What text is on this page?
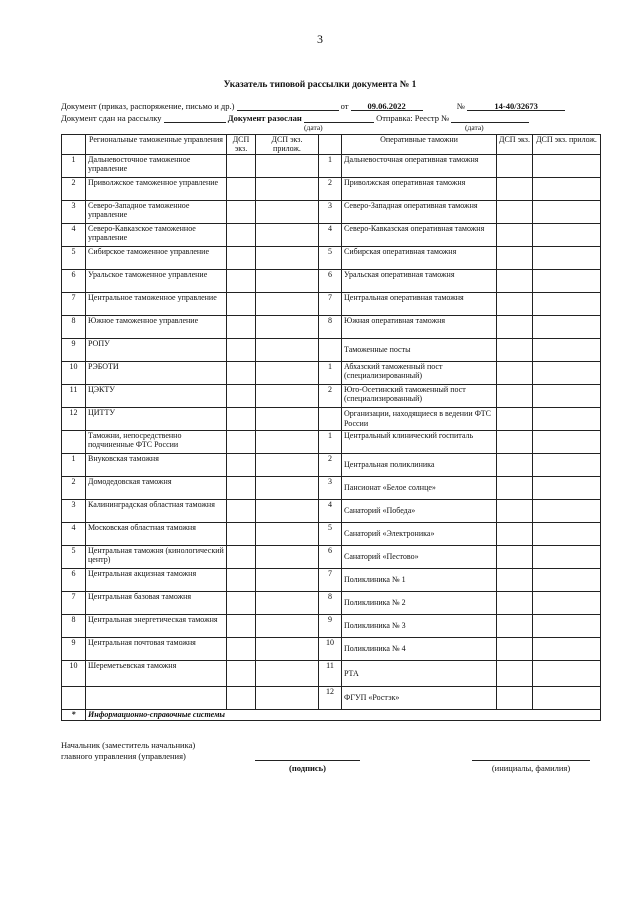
3
Указатель типовой рассылки документа № 1
Документ (приказ, распоряжение, письмо и др.)	от 09.06.2022	№	14-40/32673
Документ сдан на рассылку	Документ разослан	Отправка: Реестр №
(дата)	(дата)
	Региональные таможенные управления	ДСП экз.	ДСП экз. прилож.		Оперативные таможни	ДСП экз.	ДСП экз. прилож.
1	Дальневосточное таможенное управление			1	Дальневосточная оперативная таможня		
2	Приволжское таможенное управление			2	Приволжская оперативная таможня		
3	Северо-Западное таможенное управление			3	Северо-Западная оперативная таможня		
4	Северо-Кавказское таможенное управление			4	Северо-Кавказская оперативная таможня		
5	Сибирское таможенное управление			5	Сибирская оперативная таможня		
6	Уральское таможенное управление			6	Уральская оперативная таможня		
7	Центральное таможенное управление			7	Центральная оперативная таможня		
8	Южное таможенное управление			8	Южная оперативная таможня		
9	РОПУ				Таможенные посты		
10	РЭБОТИ			1	Абхазский таможенный пост (специализированный)		
11	ЦЭКТУ			2	Юго-Осетинский таможенный пост (специализированный)		
12	ЦИТТУ				Организации, находящиеся в ведении ФТС России		
	Таможни, непосредственно подчиненные ФТС России			1	Центральный клинический госпиталь		
1	Внуковская таможня			2	Центральная поликлиника		
2	Домодедовская таможня			3	Пансионат «Белое солнце»		
3	Калининградская областная таможня			4	Санаторий «Победа»		
4	Московская областная таможня			5	Санаторий «Электроника»		
5	Центральная таможня (кинологический центр)			6	Санаторий «Пестово»		
6	Центральная акцизная таможня			7	Поликлиника № 1		
7	Центральная базовая таможня			8	Поликлиника № 2		
8	Центральная энергетическая таможня			9	Поликлиника № 3		
9	Центральная почтовая таможня			10	Поликлиника № 4		
10	Шереметьевская таможня			11	РТА		
				12	ФГУП «Ростэк»		
*	Информационно-справочные системы						
Начальник (заместитель начальника)
главного управления (управления)
(подпись)	(инициалы, фамилия)
